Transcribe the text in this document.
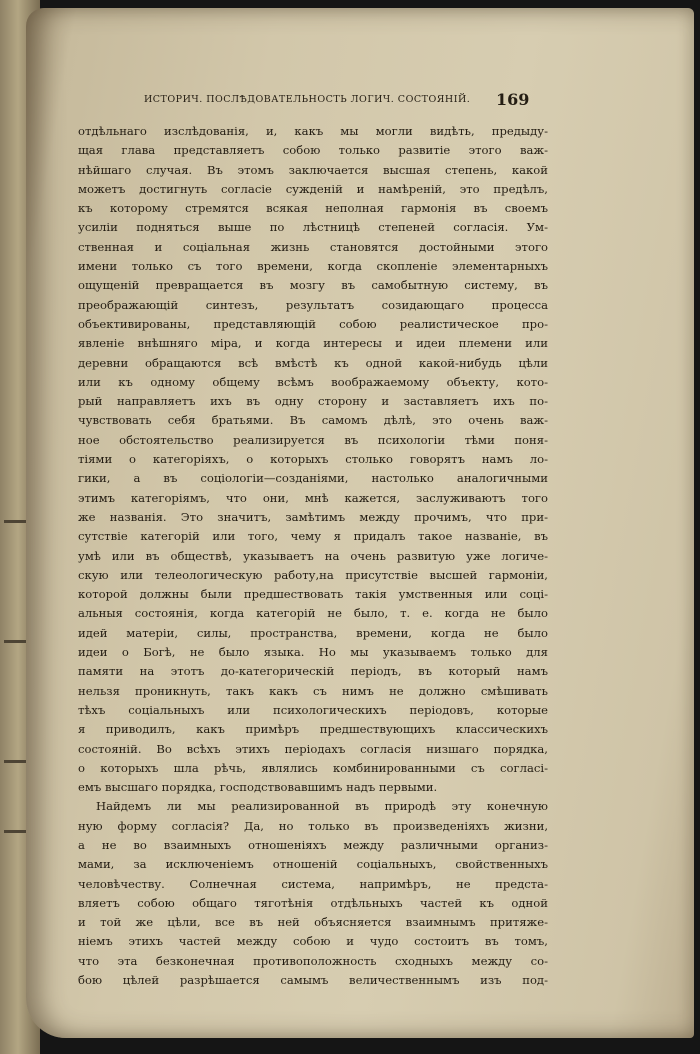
ИСТОРИЧ. ПОСЛѢДОВАТЕЛЬНОСТЬ ЛОГИЧ. СОСТОЯНІЙ. 169
отдѣльнаго изслѣдованія, и, какъ мы могли видѣть, предыду-
щая глава представляетъ собою только развитіе этого важ-
нѣйшаго случая. Въ этомъ заключается высшая степень, какой
можетъ достигнуть согласіе сужденій и намѣреній, это предѣлъ,
къ которому стремятся всякая неполная гармонія въ своемъ
усиліи подняться выше по лѣстницѣ степеней согласія. Ум-
ственная и соціальная жизнь становятся достойными этого
имени только съ того времени, когда скопленіе элементарныхъ
ощущеній превращается въ мозгу въ самобытную систему, въ
преображающій синтезъ, результатъ созидающаго процесса
объективированы, представляющій собою реалистическое про-
явленіе внѣшняго міра, и когда интересы и идеи племени или
деревни обращаются всѣ вмѣстѣ къ одной какой-нибудь цѣли
или къ одному общему всѣмъ воображаемому объекту, кото-
рый направляетъ ихъ въ одну сторону и заставляетъ ихъ по-
чувствовать себя братьями. Въ самомъ дѣлѣ, это очень важ-
ное обстоятельство реализируется въ психологіи тѣми поня-
тіями о категоріяхъ, о которыхъ столько говорятъ намъ ло-
гики, а въ соціологіи—созданіями, настолько аналогичными
этимъ категоріямъ, что они, мнѣ кажется, заслуживаютъ того
же названія. Это значитъ, замѣтимъ между прочимъ, что при-
сутствіе категорій или того, чему я придалъ такое названіе, въ
умѣ или въ обществѣ, указываетъ на очень развитую уже логиче-
скую или телеологическую работу,на присутствіе высшей гармоніи,
которой должны были предшествовать такія умственныя или соці-
альныя состоянія, когда категорій не было, т. е. когда не было
идей матеріи, силы, пространства, времени, когда не было
идеи о Богѣ, не было языка. Но мы указываемъ только для
памяти на этотъ до-категорическій періодъ, въ который намъ
нельзя проникнуть, такъ какъ съ нимъ не должно смѣшивать
тѣхъ соціальныхъ или психологическихъ періодовъ, которые
я приводилъ, какъ примѣръ предшествующихъ классическихъ
состояній. Во всѣхъ этихъ періодахъ согласія низшаго порядка,
о которыхъ шла рѣчь, являлись комбинированными съ согласі-
емъ высшаго порядка, господствовавшимъ надъ первыми.
Найдемъ ли мы реализированной въ природѣ эту конечную
ную форму согласія? Да, но только въ произведеніяхъ жизни,
а не во взаимныхъ отношеніяхъ между различными организ-
мами, за исключеніемъ отношеній соціальныхъ, свойственныхъ
человѣчеству. Солнечная система, напримѣръ, не предста-
вляетъ собою общаго тяготѣнія отдѣльныхъ частей къ одной
и той же цѣли, все въ ней объясняется взаимнымъ притяже-
ніемъ этихъ частей между собою и чудо состоитъ въ томъ,
что эта безконечная противоположность сходныхъ между со-
бою цѣлей разрѣшается самымъ величественнымъ изъ под-
